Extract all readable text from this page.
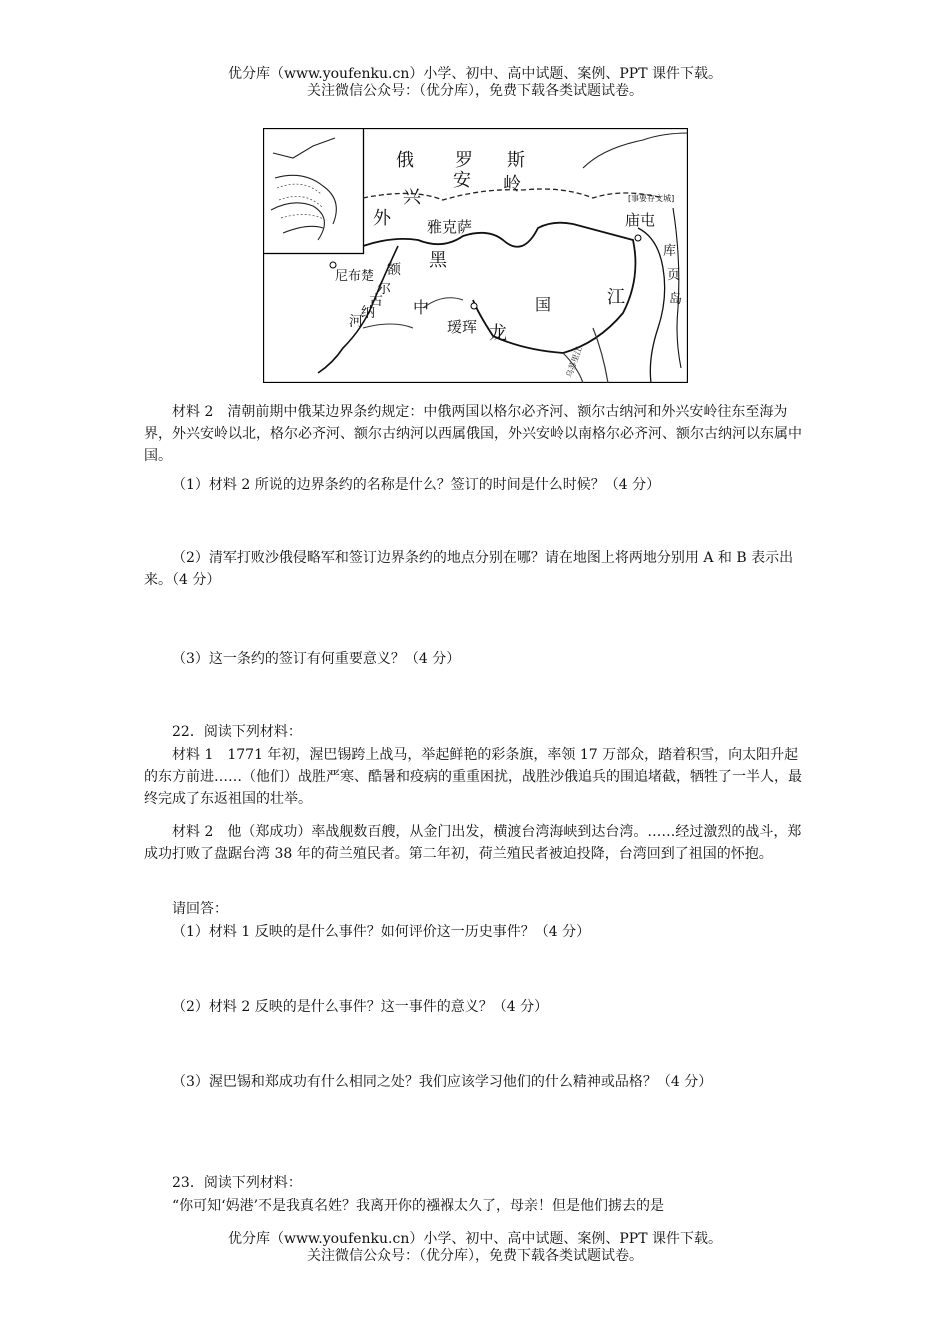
优分库（www.youfenku.cn）小学、初中、高中试题、案例、PPT 课件下载。
关注微信公众号：（优分库），免费下载各类试题试卷。
俄 罗 斯
外
兴
安 岭
雅克萨
尼布楚 额
尔
古
纳
河
黑
中	国
瑷珲 龙
江
庙屯
库
页
岛
[事要存文城]
乌苏里江

材料 2　清朝前期中俄某边界条约规定：中俄两国以格尔必齐河、额尔古纳河和外兴安岭往东至海为界，外兴安岭以北，格尔必齐河、额尔古纳河以西属俄国，外兴安岭以南格尔必齐河、额尔古纳河以东属中国。

（1）材料 2 所说的边界条约的名称是什么？签订的时间是什么时候？（4 分）

（2）清军打败沙俄侵略军和签订边界条约的地点分别在哪？请在地图上将两地分别用 A 和 B 表示出来。（4 分）

（3）这一条约的签订有何重要意义？（4 分）

22．阅读下列材料：

材料 1　1771 年初，渥巴锡跨上战马，举起鲜艳的彩条旗，率领 17 万部众，踏着积雪，向太阳升起的东方前进……（他们）战胜严寒、酷暑和疫病的重重困扰，战胜沙俄追兵的围追堵截，牺牲了一半人，最终完成了东返祖国的壮举。

材料 2　他（郑成功）率战舰数百艘，从金门出发，横渡台湾海峡到达台湾。……经过激烈的战斗，郑成功打败了盘踞台湾 38 年的荷兰殖民者。第二年初，荷兰殖民者被迫投降，台湾回到了祖国的怀抱。

请回答：

（1）材料 1 反映的是什么事件？如何评价这一历史事件？（4 分）

（2）材料 2 反映的是什么事件？这一事件的意义？（4 分）

（3）渥巴锡和郑成功有什么相同之处？我们应该学习他们的什么精神或品格？（4 分）

23．阅读下列材料：

“你可知‘妈港’不是我真名姓？我离开你的襁褓太久了，母亲！但是他们掳去的是

优分库（www.youfenku.cn）小学、初中、高中试题、案例、PPT 课件下载。
关注微信公众号：（优分库），免费下载各类试题试卷。
